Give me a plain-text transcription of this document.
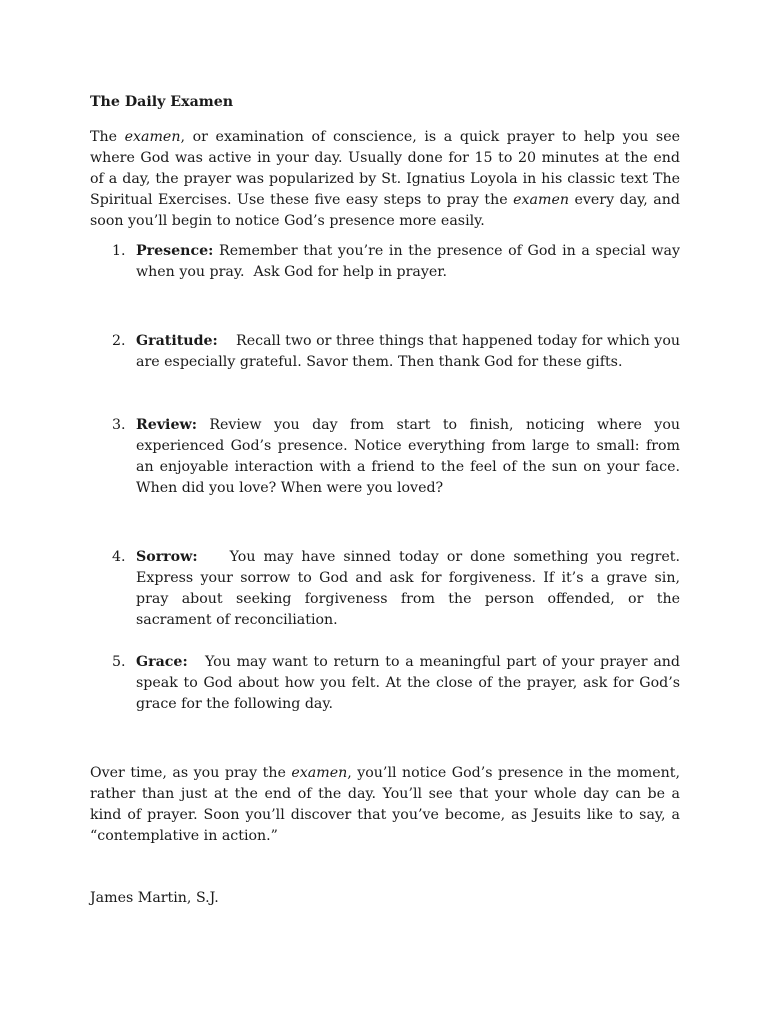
The Daily Examen

The examen, or examination of conscience, is a quick prayer to help you see where God was active in your day. Usually done for 15 to 20 minutes at the end of a day, the prayer was popularized by St. Ignatius Loyola in his classic text The Spiritual Exercises. Use these five easy steps to pray the examen every day, and soon you’ll begin to notice God’s presence more easily.

1. Presence: Remember that you’re in the presence of God in a special way when you pray.  Ask God for help in prayer.
2. Gratitude:    Recall two or three things that happened today for which you are especially grateful. Savor them. Then thank God for these gifts.
3. Review: Review you day from start to finish, noticing where you experienced God’s presence. Notice everything from large to small: from an enjoyable interaction with a friend to the feel of the sun on your face. When did you love? When were you loved?
4. Sorrow:    You may have sinned today or done something you regret. Express your sorrow to God and ask for forgiveness. If it’s a grave sin, pray about seeking forgiveness from the person offended, or the sacrament of reconciliation.
5. Grace:   You may want to return to a meaningful part of your prayer and speak to God about how you felt. At the close of the prayer, ask for God’s grace for the following day.

Over time, as you pray the examen, you’ll notice God’s presence in the moment, rather than just at the end of the day. You’ll see that your whole day can be a kind of prayer. Soon you’ll discover that you’ve become, as Jesuits like to say, a “contemplative in action.”

James Martin, S.J.
